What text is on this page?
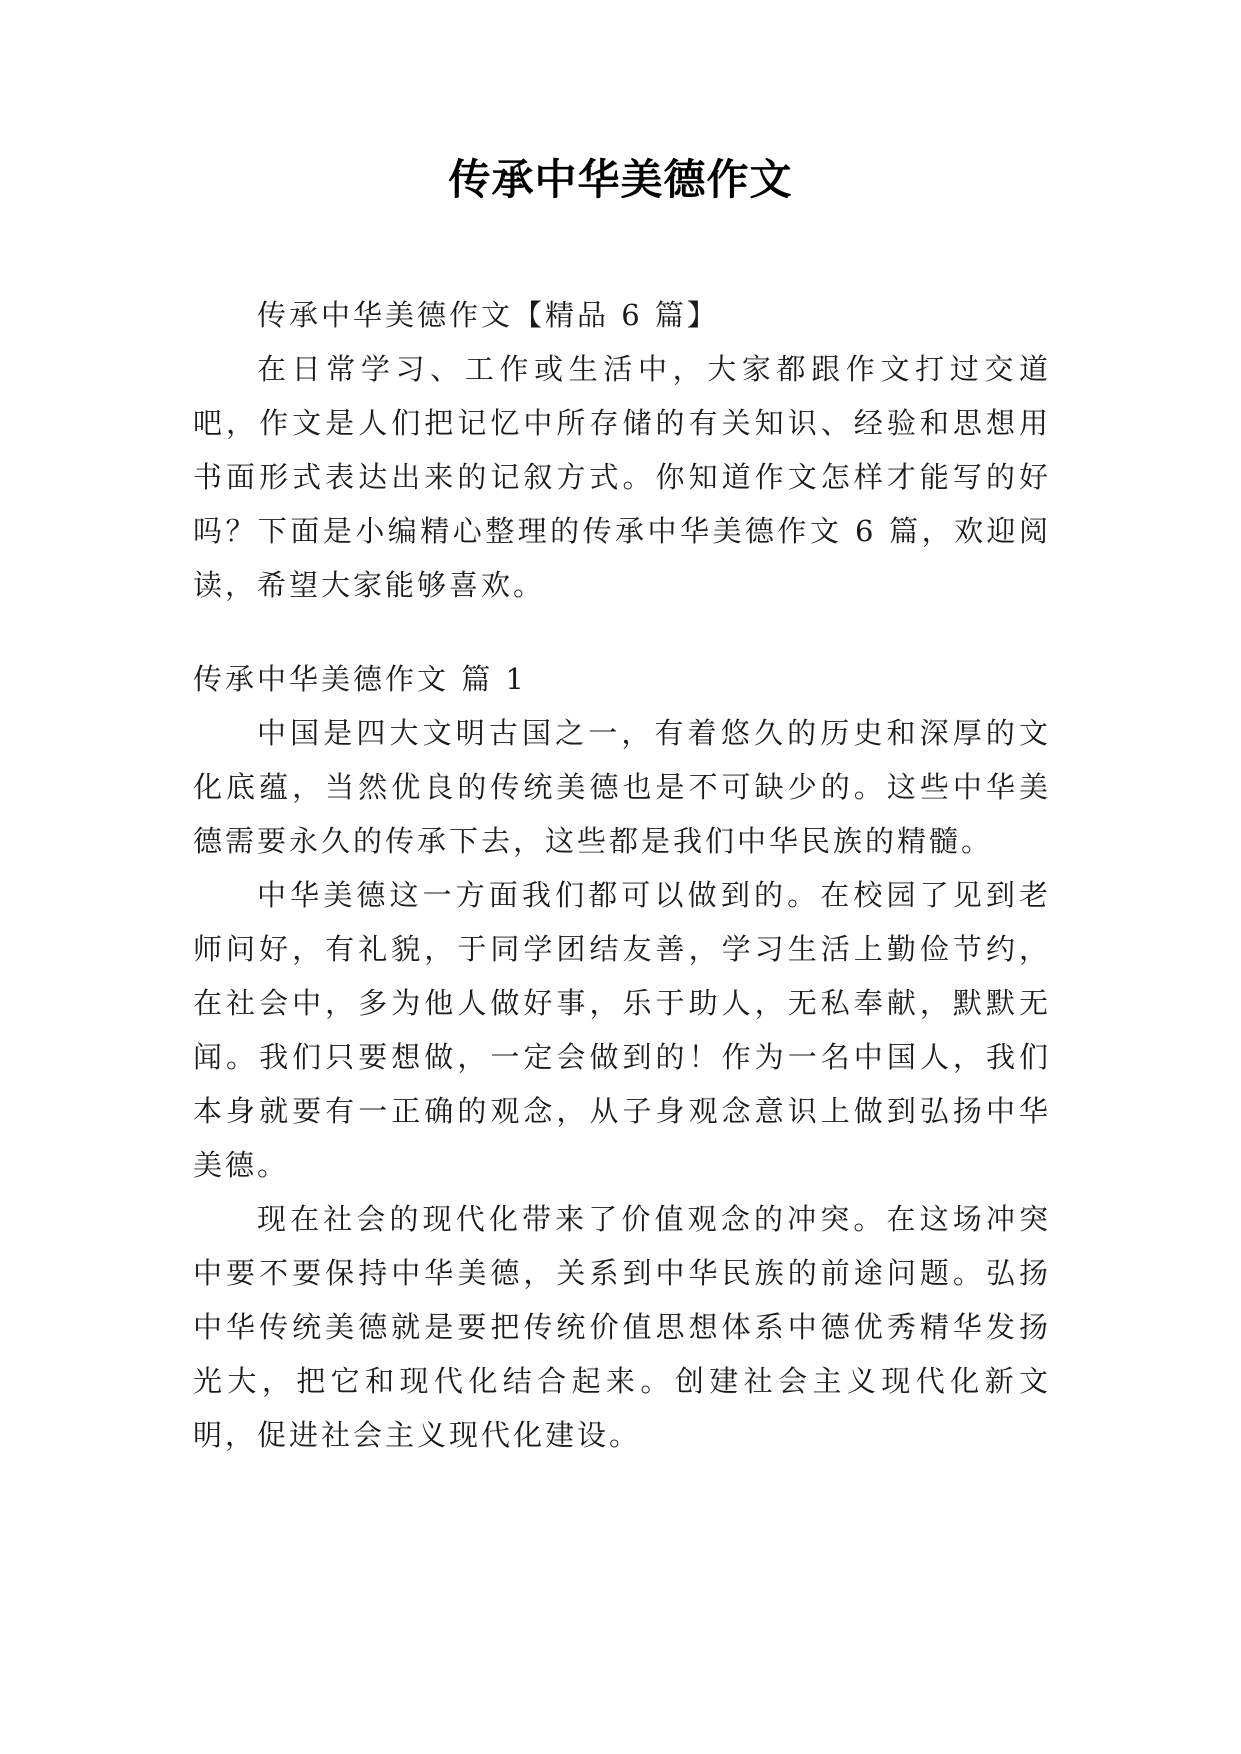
传承中华美德作文

传承中华美德作文【精品 6 篇】

在日常学习、工作或生活中，大家都跟作文打过交道吧，作文是人们把记忆中所存储的有关知识、经验和思想用书面形式表达出来的记叙方式。你知道作文怎样才能写的好吗？下面是小编精心整理的传承中华美德作文 6 篇，欢迎阅读，希望大家能够喜欢。

传承中华美德作文 篇 1

中国是四大文明古国之一，有着悠久的历史和深厚的文化底蕴，当然优良的传统美德也是不可缺少的。这些中华美德需要永久的传承下去，这些都是我们中华民族的精髓。

中华美德这一方面我们都可以做到的。在校园了见到老师问好，有礼貌，于同学团结友善，学习生活上勤俭节约，在社会中，多为他人做好事，乐于助人，无私奉献，默默无闻。我们只要想做，一定会做到的！作为一名中国人，我们本身就要有一正确的观念，从子身观念意识上做到弘扬中华美德。

现在社会的现代化带来了价值观念的冲突。在这场冲突中要不要保持中华美德，关系到中华民族的前途问题。弘扬中华传统美德就是要把传统价值思想体系中德优秀精华发扬光大，把它和现代化结合起来。创建社会主义现代化新文明，促进社会主义现代化建设。
